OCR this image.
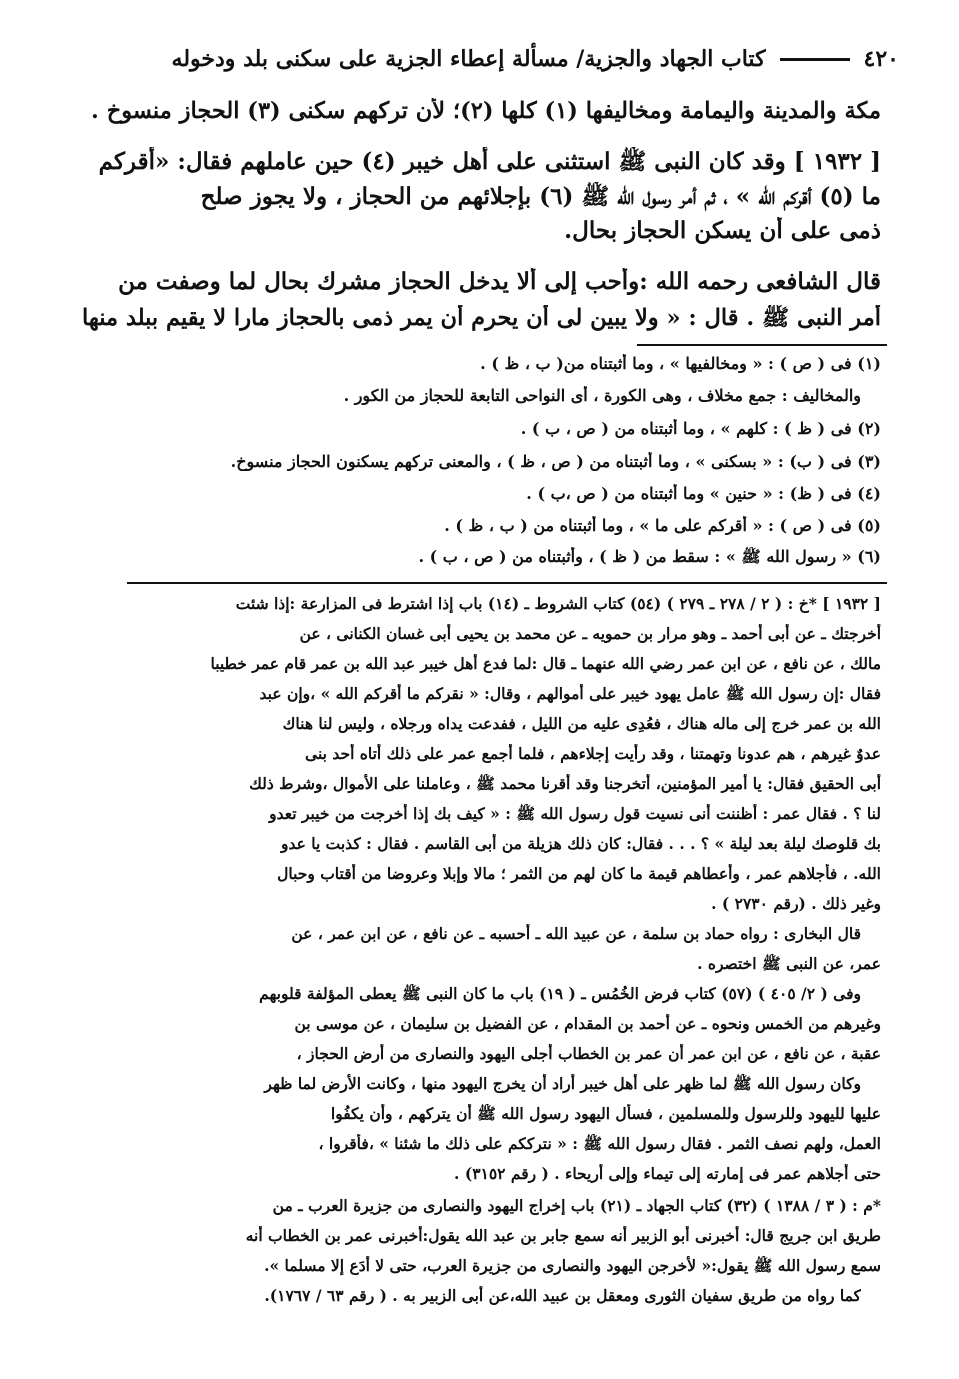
٤٢٠
كتاب الجهاد والجزية/ مسألة إعطاء الجزية على سكنى بلد ودخوله
مكة والمدينة واليمامة ومخاليفها (١) كلها (٢)؛ لأن تركهم سكنى (٣) الحجاز منسوخ .
[ ١٩٣٢ ] وقد كان النبى ﷺ استثنى على أهل خيبر (٤) حين عاملهم فقال: «أقركم
ما (٥) أقركم الله » ، ثم أمر رسول الله ﷺ (٦) بإجلائهم من الحجاز ، ولا يجوز صلح
ذمى على أن يسكن الحجاز بحال.
قال الشافعى رحمه الله :وأحب إلى ألا يدخل الحجاز مشرك بحال لما وصفت من
أمر النبى ﷺ . قال : « ولا يبين لى أن يحرم أن يمر ذمى بالحجاز مارا لا يقيم ببلد منها
(١) فى ( ص ) : « ومخالفيها » ، وما أثبتناه من( ب ، ظ ) .
والمخاليف : جمع مخلاف ، وهى الكورة ، أى النواحى التابعة للحجاز من الكور .
(٢) فى ( ظ ) : كلهم » ، وما أثبتناه من ( ص ، ب ) .
(٣) فى ( ب) : « بسكنى » ، وما أثبتناه من ( ص ، ظ ) ، والمعنى تركهم يسكنون الحجاز منسوخ.
(٤) فى ( ظ) : « حنين » وما أثبتناه من ( ص ،ب ) .
(٥) فى ( ص ) : « أقركم على ما » ، وما أثبتناه من ( ب ، ظ ) .
(٦) « رسول الله ﷺ » : سقط من ( ظ ) ، وأثبتناه من ( ص ، ب ) .
[ ١٩٣٢ ] *خ : ( ٢ / ٢٧٨ ـ ٢٧٩ ) (٥٤) كتاب الشروط ـ (١٤) باب إذا اشترط فى المزارعة :إذا شئت
أخرجتك ـ عن أبى أحمد ـ وهو مرار بن حمويه ـ عن محمد بن يحيى أبى غسان الكنانى ، عن
مالك ، عن نافع ، عن ابن عمر رضي الله عنهما ـ قال :لما فدع أهل خيبر عبد الله بن عمر قام عمر خطيبا
فقال :إن رسول الله ﷺ عامل يهود خيبر على أموالهم ، وقال: « نقركم ما أقركم الله » ،وإن عبد
الله بن عمر خرج إلى ماله هناك ، فعُدِى عليه من الليل ، ففدعت يداه ورجلاه ، وليس لنا هناك
عدوٌ غيرهم ، هم عدونا وتهمتنا ، وقد رأيت إجلاءهم ، فلما أجمع عمر على ذلك أتاه أحد بنى
أبى الحقيق فقال: يا أمير المؤمنين، أتخرجنا وقد أقرنا محمد ﷺ ، وعاملنا على الأموال ،وشرط ذلك
لنا ؟ . فقال عمر : أظننت أنى نسيت قول رسول الله ﷺ : « كيف بك إذا أخرجت من خيبر تعدو
بك قلوصك ليلة بعد ليلة » ؟ . . . فقال: كان ذلك هزيلة من أبى القاسم . فقال : كذبت يا عدو
الله. ، فأجلاهم عمر ، وأعطاهم قيمة ما كان لهم من الثمر ؛ مالا وإبلا وعروضا من أقتاب وحبال
وغير ذلك . (رقم ٢٧٣٠ ) .
قال البخارى : رواه حماد بن سلمة ، عن عبيد الله ـ أحسبه ـ عن نافع ، عن ابن عمر ، عن
عمر، عن النبى ﷺ اختصره .
وفى ( ٢/ ٤٠٥ ) (٥٧) كتاب فرض الخُمُس ـ ( ١٩) باب ما كان النبى ﷺ يعطى المؤلفة قلوبهم
وغيرهم من الخمس ونحوه ـ عن أحمد بن المقدام ، عن الفضيل بن سليمان ، عن موسى بن
عقبة ، عن نافع ، عن ابن عمر أن عمر بن الخطاب أجلى اليهود والنصارى من أرض الحجاز ،
وكان رسول الله ﷺ لما ظهر على أهل خيبر أراد أن يخرج اليهود منها ، وكانت الأرض لما ظهر
عليها لليهود وللرسول وللمسلمين ، فسأل اليهود رسول الله ﷺ أن يتركهم ، وأن يكفُوا
العمل، ولهم نصف الثمر . فقال رسول الله ﷺ : « نترككم على ذلك ما شئنا » ،فأقروا ،
حتى أجلاهم عمر فى إمارته إلى تيماء وإلى أريحاء . ( رقم ٣١٥٢) .
*م : ( ٣ / ١٣٨٨ ) (٣٢) كتاب الجهاد ـ (٢١) باب إخراج اليهود والنصارى من جزيرة العرب ـ من
طريق ابن جريج قال: أخبرنى أبو الزبير أنه سمع جابر بن عبد الله يقول:أخبرنى عمر بن الخطاب أنه
سمع رسول الله ﷺ يقول:« لأخرجن اليهود والنصارى من جزيرة العرب، حتى لا أدَع إلا مسلما ».
كما رواه من طريق سفيان الثورى ومعقل بن عبيد الله،عن أبى الزبير به . ( رقم ٦٣ / ١٧٦٧).
